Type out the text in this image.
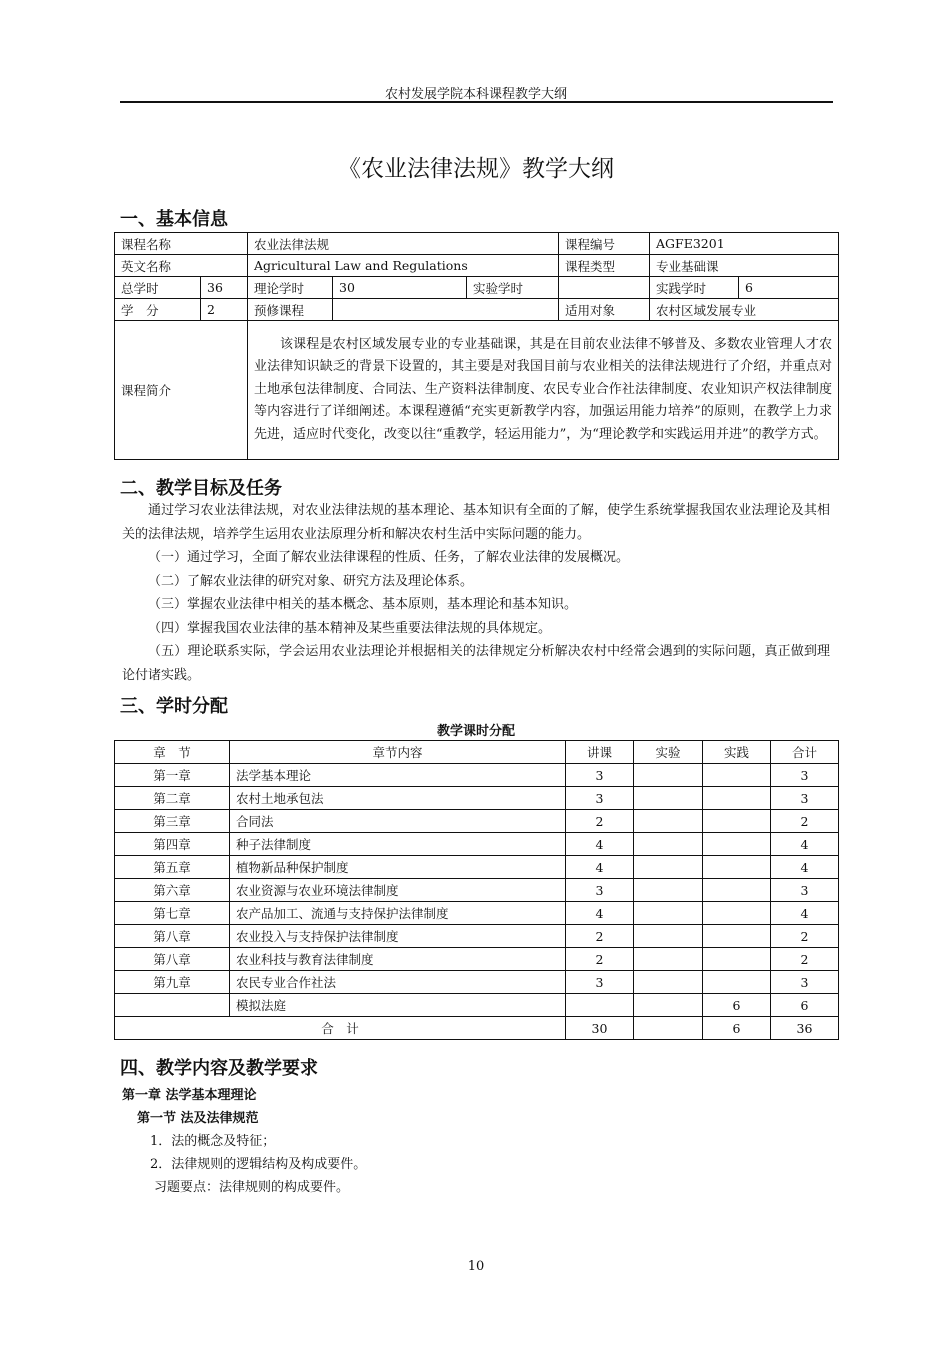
农村发展学院本科课程教学大纲
《农业法律法规》教学大纲
一、基本信息
课程名称		农业法律法规			课程编号	AGFE3201	
英文名称		Agricultural Law and Regulations			课程类型	专业基础课	
总学时	36	理论学时	30	实验学时		实践学时	6
学　分	2	预修课程			适用对象	农村区域发展专业	
课程简介		该课程是农村区域发展专业的专业基础课，其是在目前农业法律不够普及、多数农业管理人才农业法律知识缺乏的背景下设置的，其主要是对我国目前与农业相关的法律法规进行了介绍，并重点对土地承包法律制度、合同法、生产资料法律制度、农民专业合作社法律制度、农业知识产权法律制度等内容进行了详细阐述。本课程遵循“充实更新教学内容，加强运用能力培养”的原则，在教学上力求先进，适应时代变化，改变以往“重教学，轻运用能力”，为“理论教学和实践运用并进”的教学方式。					
二、教学目标及任务

通过学习农业法律法规，对农业法律法规的基本理论、基本知识有全面的了解，使学生系统掌握我国农业法理论及其相关的法律法规，培养学生运用农业法原理分析和解决农村生活中实际问题的能力。

（一）通过学习，全面了解农业法律课程的性质、任务，了解农业法律的发展概况。

（二）了解农业法律的研究对象、研究方法及理论体系。

（三）掌握农业法律中相关的基本概念、基本原则，基本理论和基本知识。

（四）掌握我国农业法律的基本精神及某些重要法律法规的具体规定。

（五）理论联系实际，学会运用农业法理论并根据相关的法律规定分析解决农村中经常会遇到的实际问题，真正做到理论付诸实践。

三、学时分配
教学课时分配
章　节	章节内容	讲课	实验	实践	合计
第一章	法学基本理论	3			3
第二章	农村土地承包法	3			3
第三章	合同法	2			2
第四章	种子法律制度	4			4
第五章	植物新品种保护制度	4			4
第六章	农业资源与农业环境法律制度	3			3
第七章	农产品加工、流通与支持保护法律制度	4			4
第八章	农业投入与支持保护法律制度	2			2
第八章	农业科技与教育法律制度	2			2
第九章	农民专业合作社法	3			3
	模拟法庭			6	6
合　计		30		6	36
四、教学内容及教学要求
第一章 法学基本理理论
第一节 法及法律规范
1．法的概念及特征；
2．法律规则的逻辑结构及构成要件。
习题要点：法律规则的构成要件。
10
